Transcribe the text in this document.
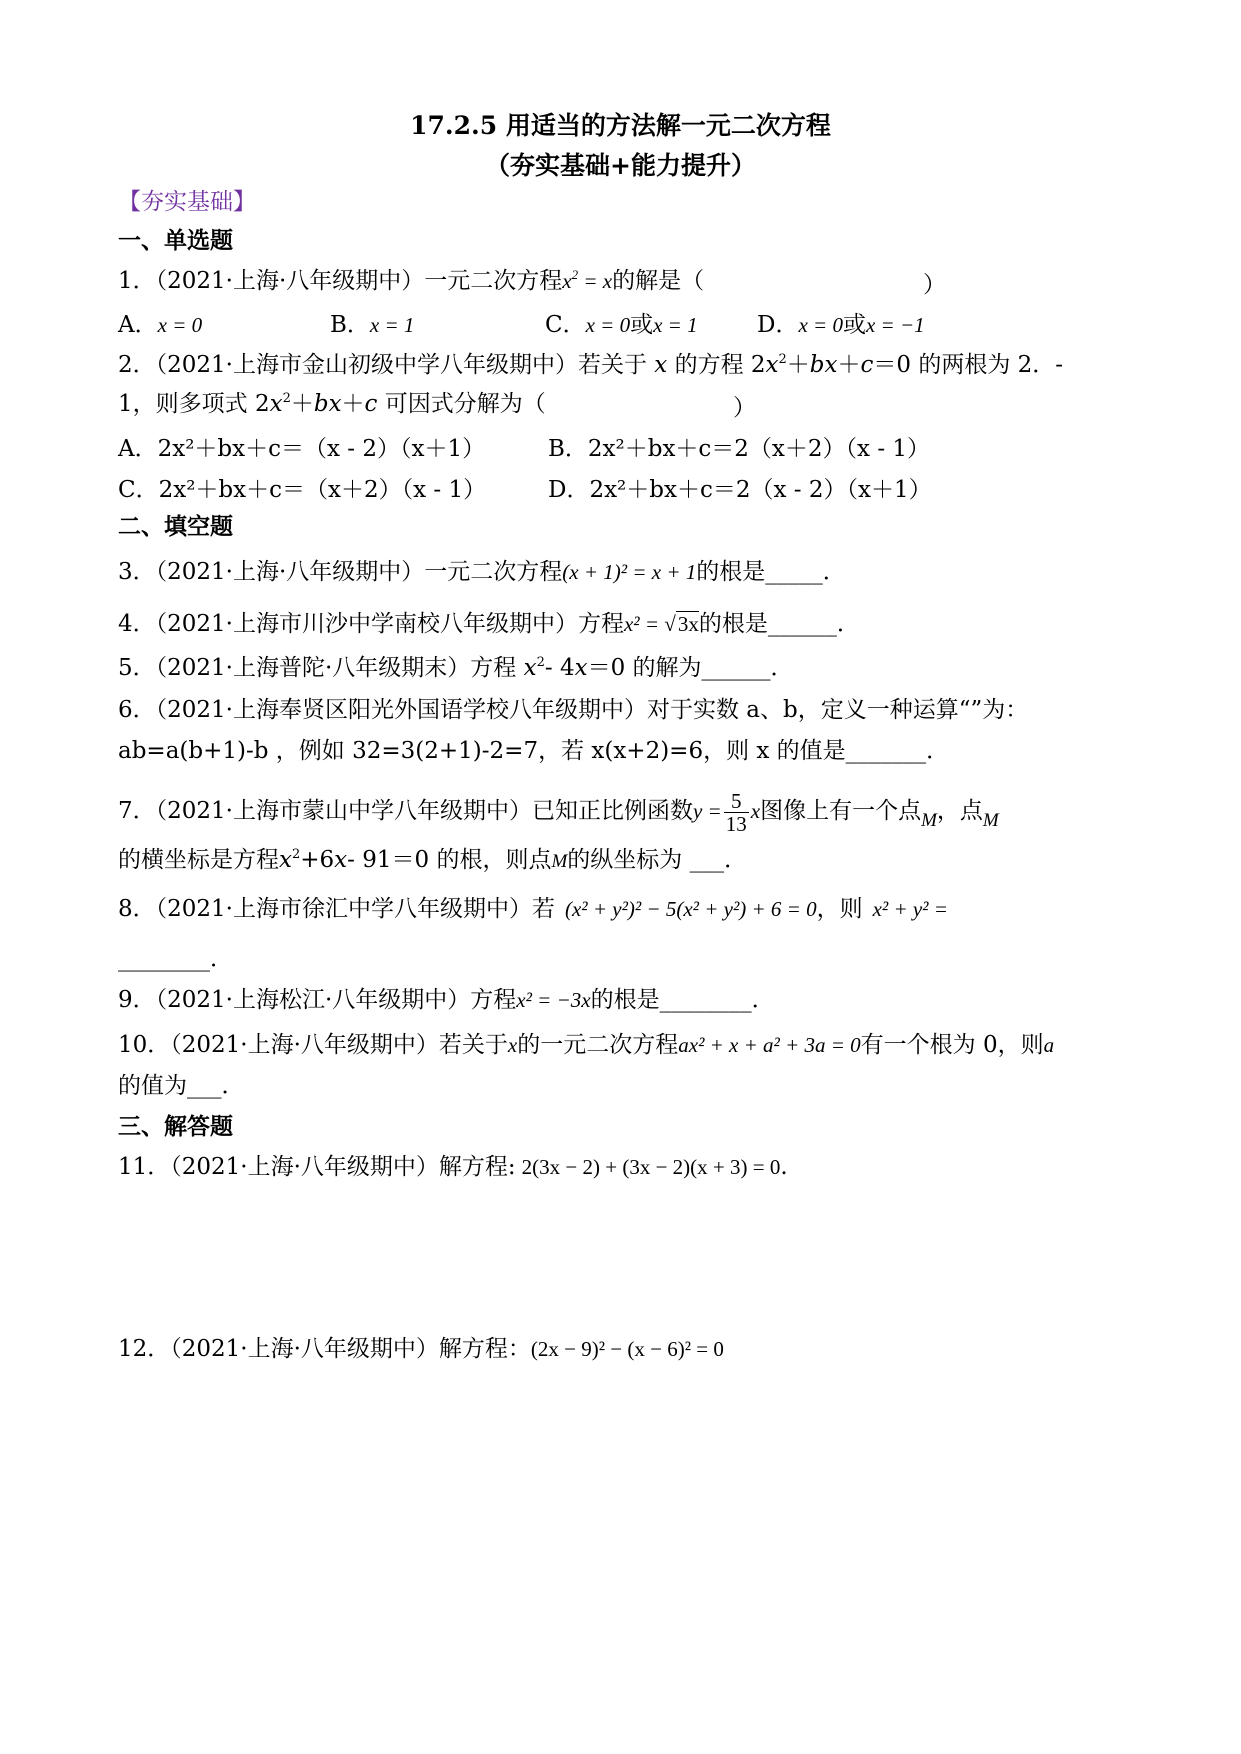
17.2.5 用适当的方法解一元二次方程
（夯实基础+能力提升）
【夯实基础】
一、单选题
1．（2021·上海·八年级期中）一元二次方程$x^2 = x$的解是（	）
A．x = 0	B．x = 1	C．x = 0或x = 1	D．x = 0或x = −1
2．（2021·上海市金山初级中学八年级期中）若关于 x 的方程 $2x^2+bx+c=0$ 的两根为 2．-
1，则多项式 $2x^2+bx+c$ 可因式分解为（	）
A．2x²＋bx＋c＝（x - 2）（x＋1）	B．2x²＋bx＋c＝2（x＋2）（x - 1）
C．2x²＋bx＋c＝（x＋2）（x - 1）	D．2x²＋bx＋c＝2（x - 2）（x＋1）
二、填空题
3．（2021·上海·八年级期中）一元二次方程(x + 1)² = x + 1的根是_____．
4．（2021·上海市川沙中学南校八年级期中）方程x² = √3x的根是______．
5．（2021·上海普陀·八年级期末）方程 $x^2-$ 4x＝0 的解为______．
6．（2021·上海奉贤区阳光外国语学校八年级期中）对于实数 a、b，定义一种运算“”为：
ab=a(b+1)-b ，例如 32=3(2+1)-2=7，若 x(x+2)=6，则 x 的值是_______．
7．（2021·上海市蒙山中学八年级期中）已知正比例函数$y = \frac{5}{13}$ x图像上有一个点$_M$，点$_M$
的横坐标是方程$x^2+6x-$ 91＝0 的根，则点M的纵坐标为 ___．
8．（2021·上海市徐汇中学八年级期中）若 (x² + y²)² − 5(x² + y²) + 6 = 0，则 x² + y² =
________．
9．（2021·上海松江·八年级期中）方程x² = −3x的根是________．
10．（2021·上海·八年级期中）若关于x的一元二次方程ax² + x + a² + 3a = 0有一个根为 0，则a
的值为___．
三、解答题
11．（2021·上海·八年级期中）解方程: 2(3x − 2) + (3x − 2)(x + 3) = 0.
12．（2021·上海·八年级期中）解方程：(2x − 9)² − (x − 6)² = 0
